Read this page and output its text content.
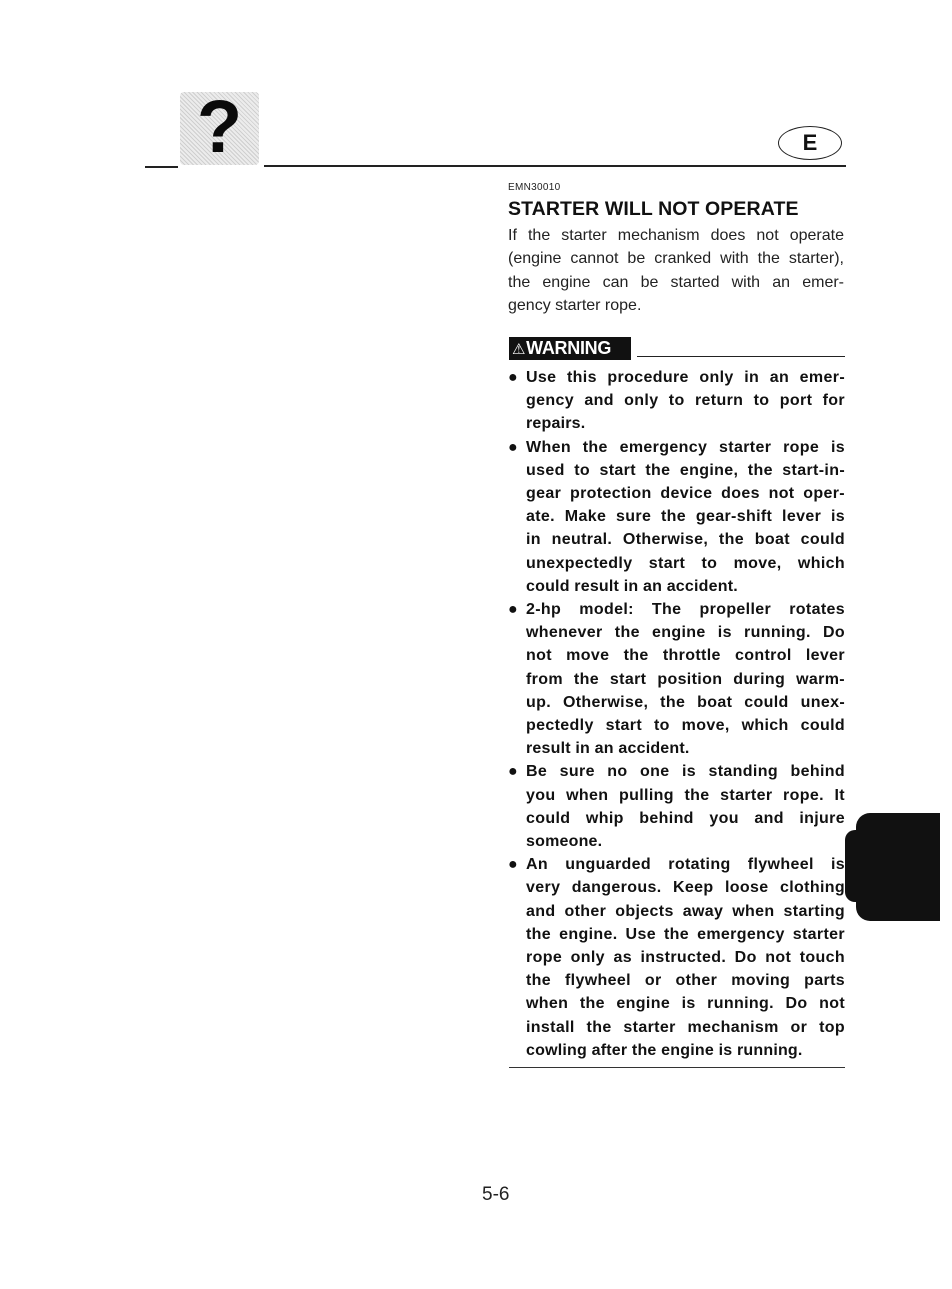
?	E
EMN30010
STARTER WILL NOT OPERATE
If the starter mechanism does not operate
(engine cannot be cranked with the starter),
the engine can be started with an emer-
gency starter rope.
⚠WARNING
● Use this procedure only in an emer-
gency and only to return to port for
repairs.
● When the emergency starter rope is
used to start the engine, the start-in-
gear protection device does not oper-
ate. Make sure the gear-shift lever is
in neutral. Otherwise, the boat could
unexpectedly start to move, which
could result in an accident.
● 2-hp model: The propeller rotates
whenever the engine is running. Do
not move the throttle control lever
from the start position during warm-
up. Otherwise, the boat could unex-
pectedly start to move, which could
result in an accident.
● Be sure no one is standing behind
you when pulling the starter rope. It
could whip behind you and injure
someone.
● An unguarded rotating flywheel is
very dangerous. Keep loose clothing
and other objects away when starting
the engine. Use the emergency starter
rope only as instructed. Do not touch
the flywheel or other moving parts
when the engine is running. Do not
install the starter mechanism or top
cowling after the engine is running.
5-6
